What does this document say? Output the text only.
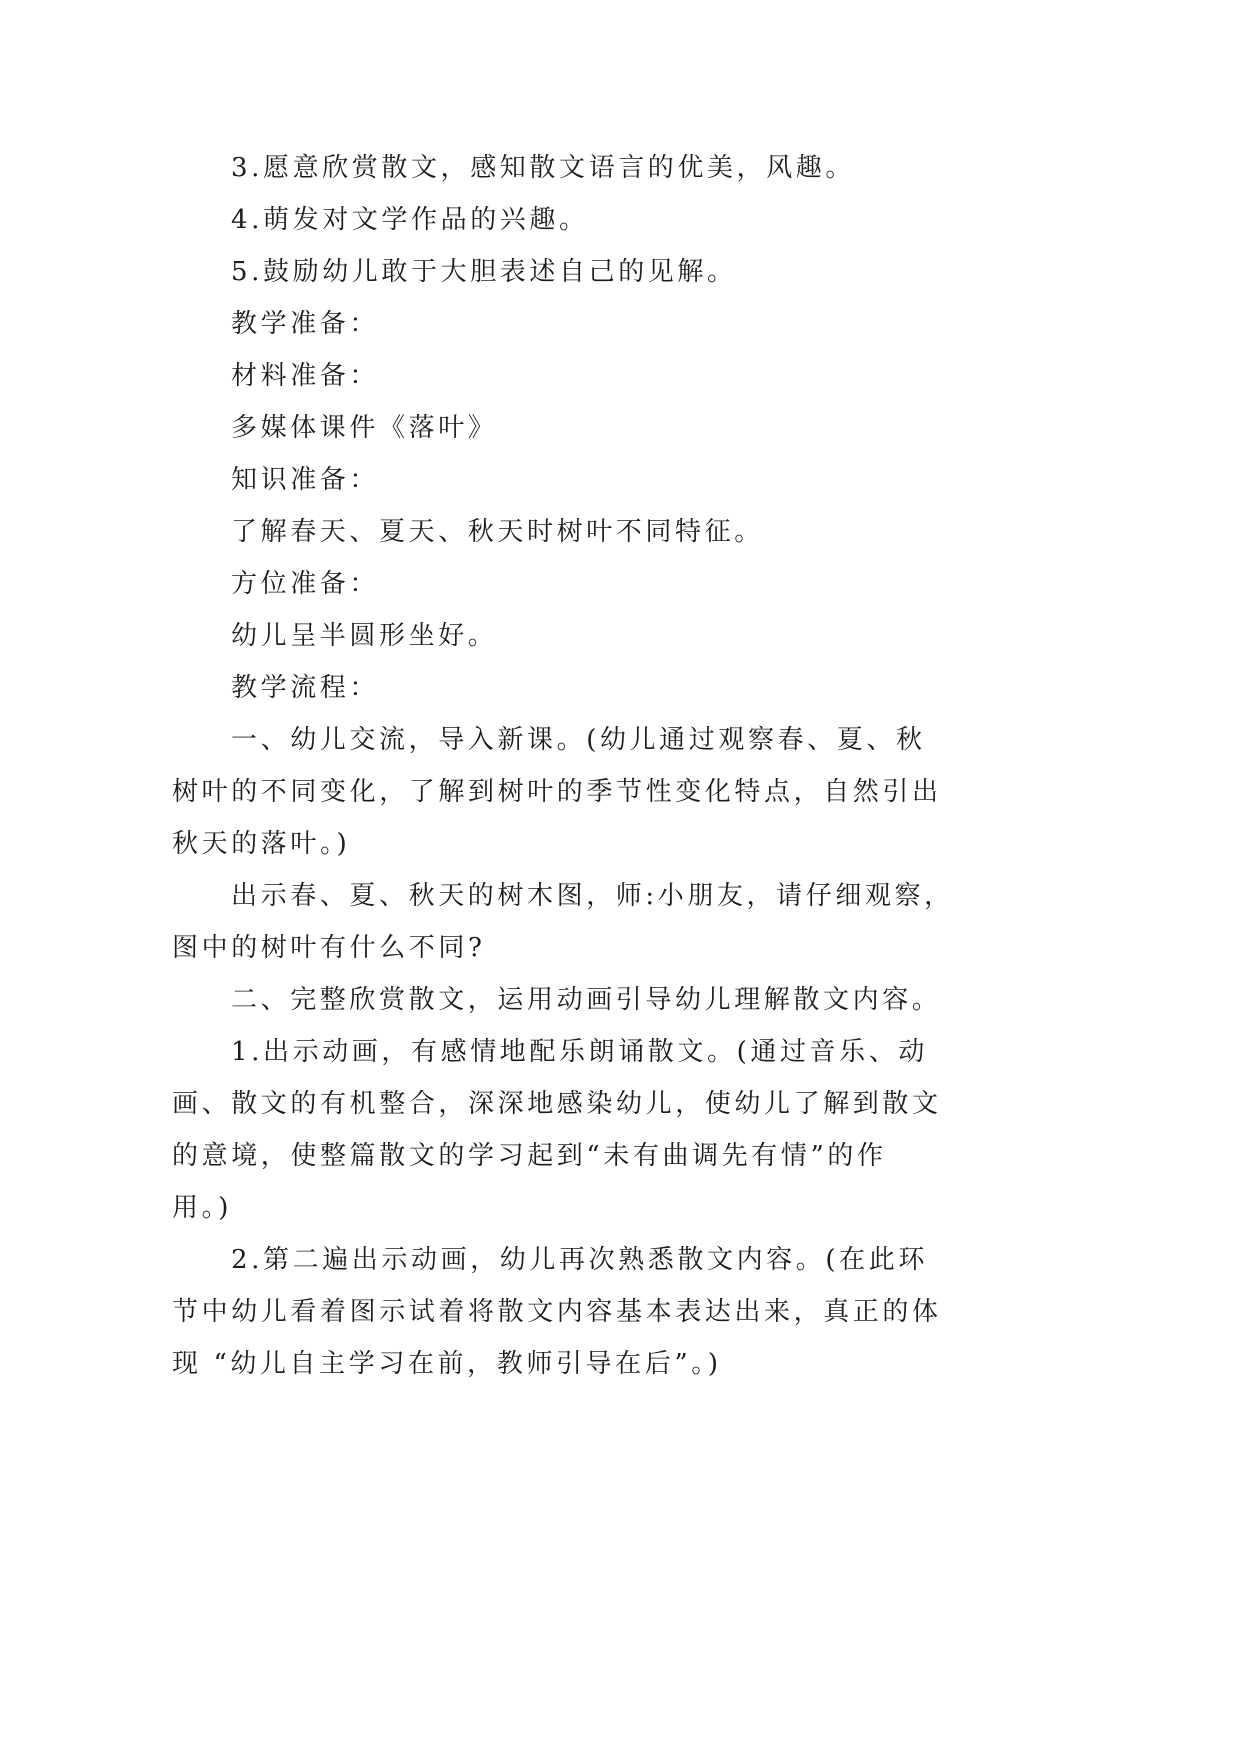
3.愿意欣赏散文，感知散文语言的优美，风趣。

4.萌发对文学作品的兴趣。

5.鼓励幼儿敢于大胆表述自己的见解。

教学准备：

材料准备：

多媒体课件《落叶》

知识准备：

了解春天、夏天、秋天时树叶不同特征。

方位准备：

幼儿呈半圆形坐好。

教学流程：

一、幼儿交流，导入新课。(幼儿通过观察春、夏、秋
树叶的不同变化，了解到树叶的季节性变化特点，自然引出
秋天的落叶。)

出示春、夏、秋天的树木图，师:小朋友，请仔细观察，
图中的树叶有什么不同?

二、完整欣赏散文，运用动画引导幼儿理解散文内容。

1.出示动画，有感情地配乐朗诵散文。(通过音乐、动
画、散文的有机整合，深深地感染幼儿，使幼儿了解到散文
的意境，使整篇散文的学习起到“未有曲调先有情”的作
用。)

2.第二遍出示动画，幼儿再次熟悉散文内容。(在此环
节中幼儿看着图示试着将散文内容基本表达出来，真正的体
现 “幼儿自主学习在前，教师引导在后”。)
